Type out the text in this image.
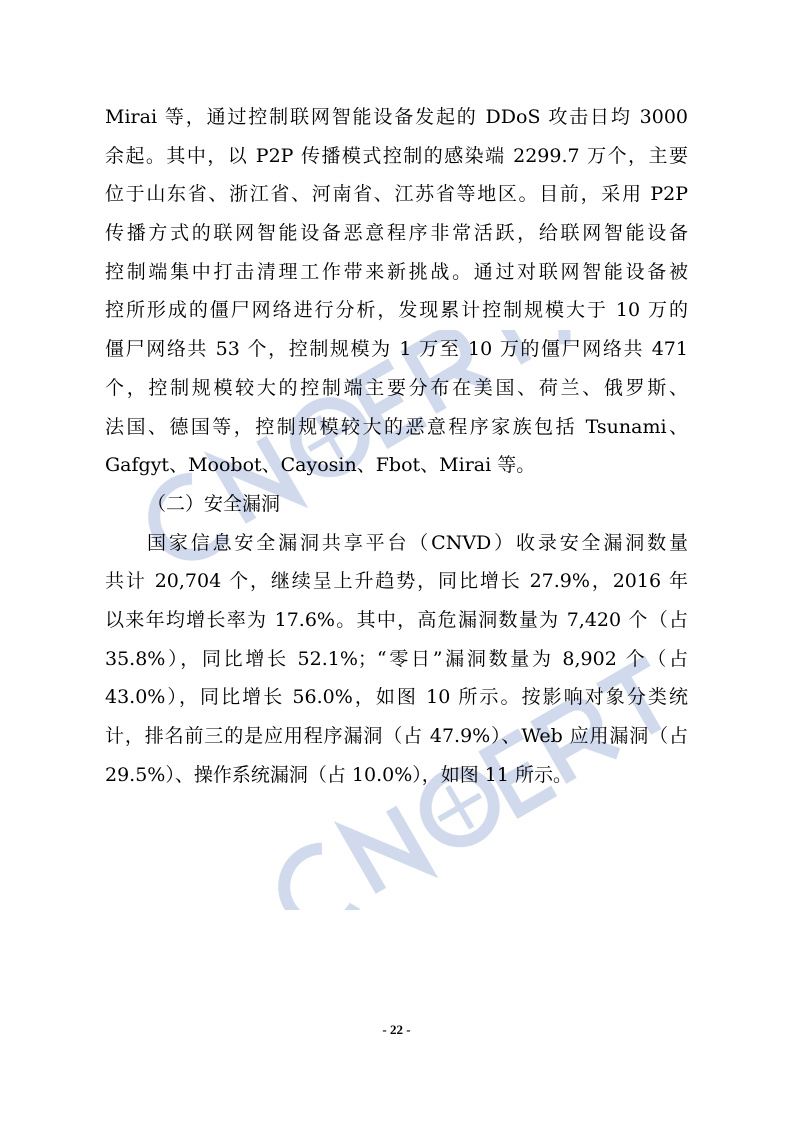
Mirai 等，通过控制联网智能设备发起的 DDoS 攻击日均 3000
余起。其中，以 P2P 传播模式控制的感染端 2299.7 万个，主要
位于山东省、浙江省、河南省、江苏省等地区。目前，采用 P2P
传播方式的联网智能设备恶意程序非常活跃，给联网智能设备
控制端集中打击清理工作带来新挑战。通过对联网智能设备被
控所形成的僵尸网络进行分析，发现累计控制规模大于 10 万的
僵尸网络共 53 个，控制规模为 1 万至 10 万的僵尸网络共 471
个，控制规模较大的控制端主要分布在美国、荷兰、俄罗斯、
法国、德国等，控制规模较大的恶意程序家族包括 Tsunami、
Gafgyt、Moobot、Cayosin、Fbot、Mirai 等。
（二）安全漏洞
国家信息安全漏洞共享平台（CNVD）收录安全漏洞数量
共计 20,704 个，继续呈上升趋势，同比增长 27.9%，2016 年
以来年均增长率为 17.6%。其中，高危漏洞数量为 7,420 个（占
35.8%），同比增长 52.1%；“零日”漏洞数量为 8,902 个（占
43.0%），同比增长 56.0%，如图 10 所示。按影响对象分类统
计，排名前三的是应用程序漏洞（占 47.9%）、Web 应用漏洞（占
29.5%）、操作系统漏洞（占 10.0%），如图 11 所示。
- 22 -
